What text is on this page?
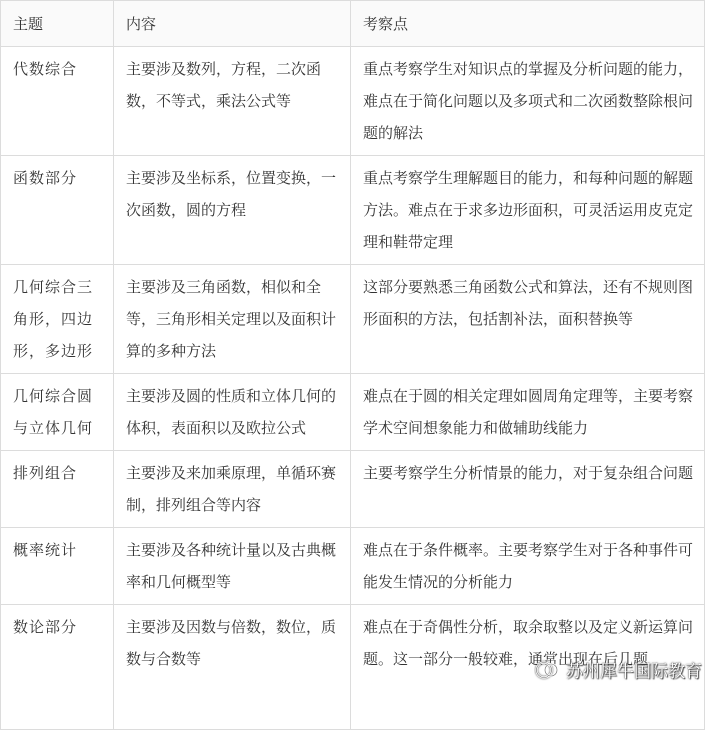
主题	内容	考察点
代数综合	主要涉及数列，方程，二次函数，不等式，乘法公式等	重点考察学生对知识点的掌握及分析问题的能力，难点在于简化问题以及多项式和二次函数整除根问题的解法
函数部分	主要涉及坐标系，位置变换，一次函数，圆的方程	重点考察学生理解题目的能力，和每种问题的解题方法。难点在于求多边形面积，可灵活运用皮克定理和鞋带定理
几何综合三角形，四边形，多边形	主要涉及三角函数，相似和全等，三角形相关定理以及面积计算的多种方法	这部分要熟悉三角函数公式和算法，还有不规则图形面积的方法，包括割补法，面积替换等
几何综合圆与立体几何	主要涉及圆的性质和立体几何的体积，表面积以及欧拉公式	难点在于圆的相关定理如圆周角定理等，主要考察学术空间想象能力和做辅助线能力
排列组合	主要涉及来加乘原理，单循环赛制，排列组合等内容	主要考察学生分析情景的能力，对于复杂组合问题
概率统计	主要涉及各种统计量以及古典概率和几何概型等	难点在于条件概率。主要考察学生对于各种事件可能发生情况的分析能力
数论部分	主要涉及因数与倍数，数位，质数与合数等	难点在于奇偶性分析，取余取整以及定义新运算问题。这一部分一般较难，通常出现在后几题
苏州犀牛国际教育
